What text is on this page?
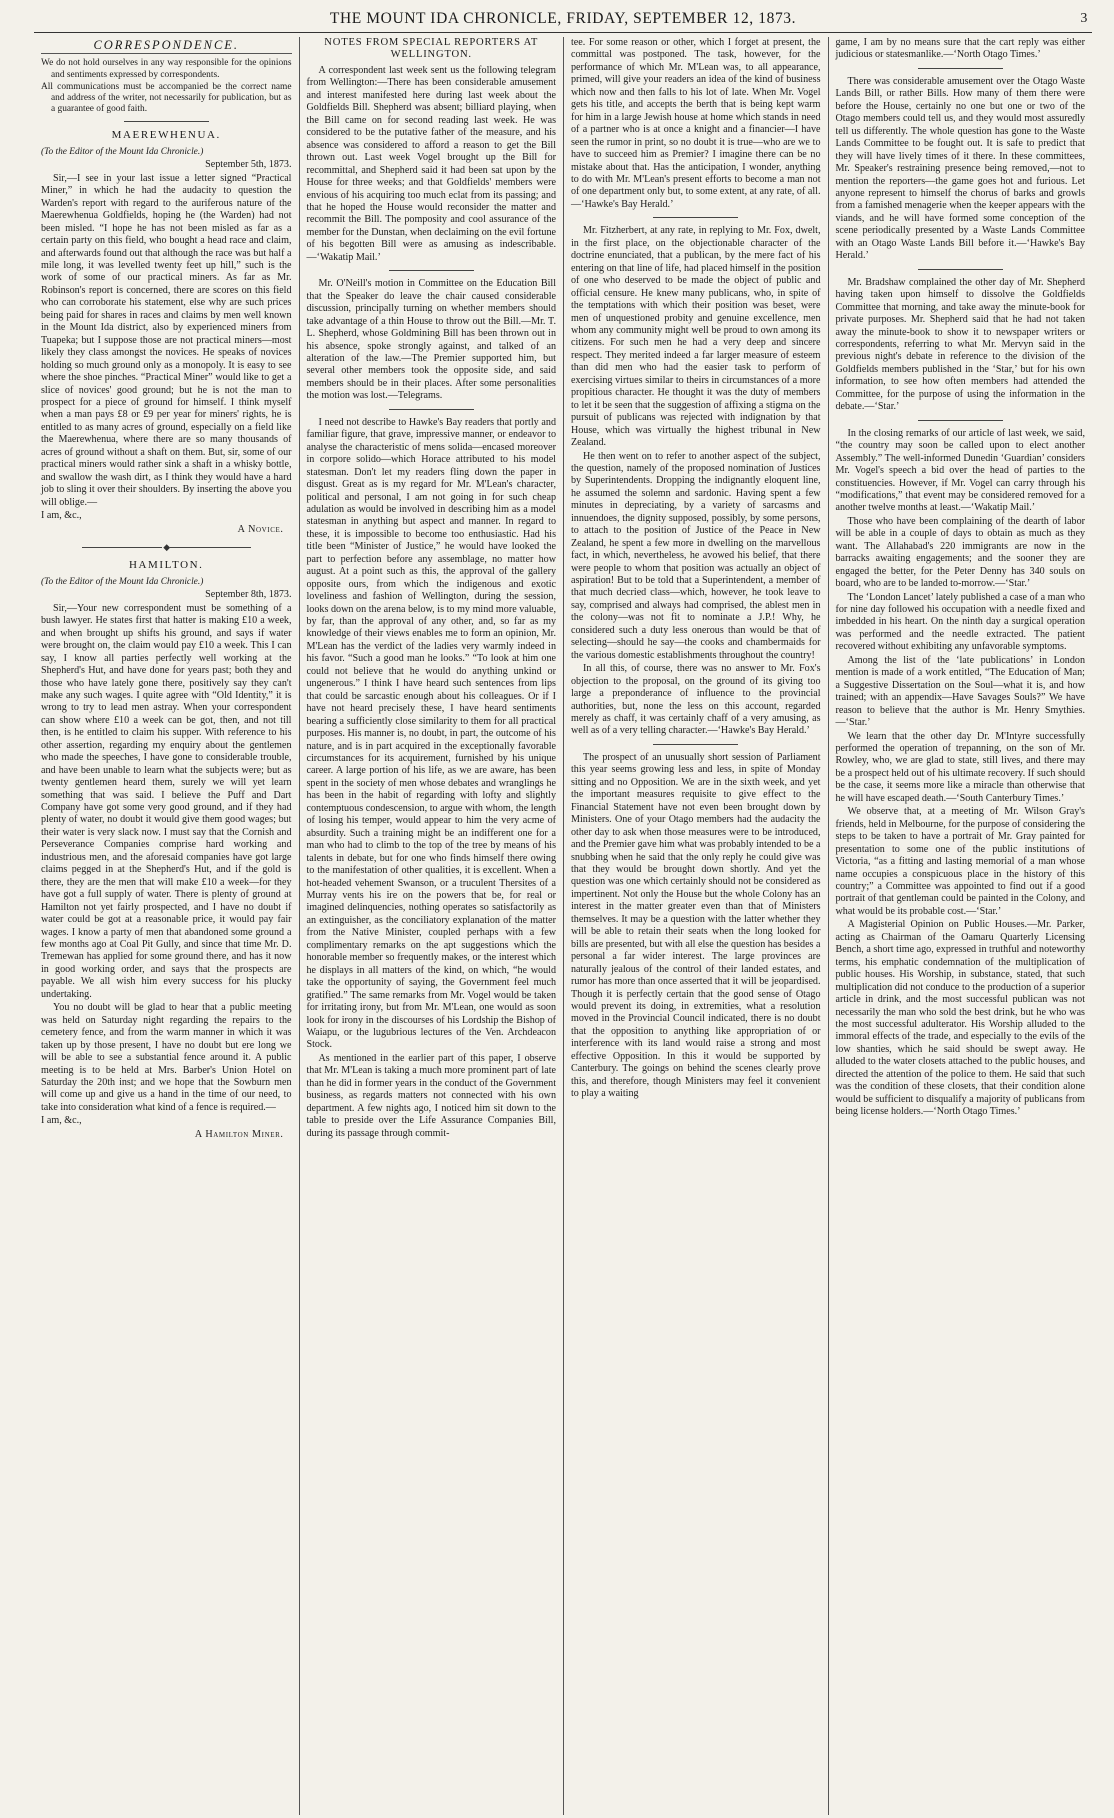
THE MOUNT IDA CHRONICLE, FRIDAY, SEPTEMBER 12, 1873.	3
CORRESPONDENCE.

We do not hold ourselves in any way responsible for the opinions and sentiments expressed by correspondents.

All communications must be accompanied be the correct name and address of the writer, not necessarily for publication, but as a guarantee of good faith.

MAEREWHENUA.

(To the Editor of the Mount Ida Chronicle.)

September 5th, 1873.

Sir,—I see in your last issue a letter signed “Practical Miner,” in which he had the audacity to question the Warden's report with regard to the auriferous nature of the Maerewhenua Goldfields, hoping he (the Warden) had not been misled. “I hope he has not been misled as far as a certain party on this field, who bought a head race and claim, and afterwards found out that although the race was but half a mile long, it was levelled twenty feet up hill,” such is the work of some of our practical miners. As far as Mr. Robinson's report is concerned, there are scores on this field who can corroborate his statement, else why are such prices being paid for shares in races and claims by men well known in the Mount Ida district, also by experienced miners from Tuapeka; but I suppose those are not practical miners—most likely they class amongst the novices. He speaks of novices holding so much ground only as a monopoly. It is easy to see where the shoe pinches. “Practical Miner” would like to get a slice of novices' good ground; but he is not the man to prospect for a piece of ground for himself. I think myself when a man pays £8 or £9 per year for miners' rights, he is entitled to as many acres of ground, especially on a field like the Maerewhenua, where there are so many thousands of acres of ground without a shaft on them. But, sir, some of our practical miners would rather sink a shaft in a whisky bottle, and swallow the wash dirt, as I think they would have a hard job to sling it over their shoulders. By inserting the above you will oblige.—

I am, &c.,

A Novice.

◆
HAMILTON.

(To the Editor of the Mount Ida Chronicle.)

September 8th, 1873.

Sir,—Your new correspondent must be something of a bush lawyer. He states first that hatter is making £10 a week, and when brought up shifts his ground, and says if water were brought on, the claim would pay £10 a week. This I can say, I know all parties perfectly well working at the Shepherd's Hut, and have done for years past; both they and those who have lately gone there, positively say they can't make any such wages. I quite agree with “Old Identity,” it is wrong to try to lead men astray. When your correspondent can show where £10 a week can be got, then, and not till then, is he entitled to claim his supper. With reference to his other assertion, regarding my enquiry about the gentlemen who made the speeches, I have gone to considerable trouble, and have been unable to learn what the subjects were; but as twenty gentlemen heard them, surely we will yet learn something that was said. I believe the Puff and Dart Company have got some very good ground, and if they had plenty of water, no doubt it would give them good wages; but their water is very slack now. I must say that the Cornish and Perseverance Companies comprise hard working and industrious men, and the aforesaid companies have got large claims pegged in at the Shepherd's Hut, and if the gold is there, they are the men that will make £10 a week—for they have got a full supply of water. There is plenty of ground at Hamilton not yet fairly prospected, and I have no doubt if water could be got at a reasonable price, it would pay fair wages. I know a party of men that abandoned some ground a few months ago at Coal Pit Gully, and since that time Mr. D. Tremewan has applied for some ground there, and has it now in good working order, and says that the prospects are payable. We all wish him every success for his plucky undertaking.

You no doubt will be glad to hear that a public meeting was held on Saturday night regarding the repairs to the cemetery fence, and from the warm manner in which it was taken up by those present, I have no doubt but ere long we will be able to see a substantial fence around it. A public meeting is to be held at Mrs. Barber's Union Hotel on Saturday the 20th inst; and we hope that the Sowburn men will come up and give us a hand in the time of our need, to take into consideration what kind of a fence is required.—

I am, &c.,

A Hamilton Miner.

NOTES FROM SPECIAL REPORTERS AT WELLINGTON.

A correspondent last week sent us the following telegram from Wellington:—There has been considerable amusement and interest manifested here during last week about the Goldfields Bill. Shepherd was absent; billiard playing, when the Bill came on for second reading last week. He was considered to be the putative father of the measure, and his absence was considered to afford a reason to get the Bill thrown out. Last week Vogel brought up the Bill for recommittal, and Shepherd said it had been sat upon by the House for three weeks; and that Goldfields' members were envious of his acquiring too much eclat from its passing; and that he hoped the House would reconsider the matter and recommit the Bill. The pomposity and cool assurance of the member for the Dunstan, when declaiming on the evil fortune of his begotten Bill were as amusing as indescribable.—‘Wakatip Mail.’

Mr. O'Neill's motion in Committee on the Education Bill that the Speaker do leave the chair caused considerable discussion, principally turning on whether members should take advantage of a thin House to throw out the Bill.—Mr. T. L. Shepherd, whose Goldmining Bill has been thrown out in his absence, spoke strongly against, and talked of an alteration of the law.—The Premier supported him, but several other members took the opposite side, and said members should be in their places. After some personalities the motion was lost.—Telegrams.

I need not describe to Hawke's Bay readers that portly and familiar figure, that grave, impressive manner, or endeavor to analyse the characteristic of mens solida—encased moreover in corpore solido—which Horace attributed to his model statesman. Don't let my readers fling down the paper in disgust. Great as is my regard for Mr. M'Lean's character, political and personal, I am not going in for such cheap adulation as would be involved in describing him as a model statesman in anything but aspect and manner. In regard to these, it is impossible to become too enthusiastic. Had his title been “Minister of Justice,” he would have looked the part to perfection before any assemblage, no matter how august. At a point such as this, the approval of the gallery opposite ours, from which the indigenous and exotic loveliness and fashion of Wellington, during the session, looks down on the arena below, is to my mind more valuable, by far, than the approval of any other, and, so far as my knowledge of their views enables me to form an opinion, Mr. M'Lean has the verdict of the ladies very warmly indeed in his favor. “Such a good man he looks.” “To look at him one could not believe that he would do anything unkind or ungenerous.” I think I have heard such sentences from lips that could be sarcastic enough about his colleagues. Or if I have not heard precisely these, I have heard sentiments bearing a sufficiently close similarity to them for all practical purposes. His manner is, no doubt, in part, the outcome of his nature, and is in part acquired in the exceptionally favorable circumstances for its acquirement, furnished by his unique career. A large portion of his life, as we are aware, has been spent in the society of men whose debates and wranglings he has been in the habit of regarding with lofty and slightly contemptuous condescension, to argue with whom, the length of losing his temper, would appear to him the very acme of absurdity. Such a training might be an indifferent one for a man who had to climb to the top of the tree by means of his talents in debate, but for one who finds himself there owing to the manifestation of other qualities, it is excellent. When a hot-headed vehement Swanson, or a truculent Thersites of a Murray vents his ire on the powers that be, for real or imagined delinquencies, nothing operates so satisfactorily as an extinguisher, as the conciliatory explanation of the matter from the Native Minister, coupled perhaps with a few complimentary remarks on the apt suggestions which the honorable member so frequently makes, or the interest which he displays in all matters of the kind, on which, “he would take the opportunity of saying, the Government feel much gratified.” The same remarks from Mr. Vogel would be taken for irritating irony, but from Mr. M'Lean, one would as soon look for irony in the discourses of his Lordship the Bishop of Waiapu, or the lugubrious lectures of the Ven. Archdeacon Stock.

As mentioned in the earlier part of this paper, I observe that Mr. M'Lean is taking a much more prominent part of late than he did in former years in the conduct of the Government business, as regards matters not connected with his own department. A few nights ago, I noticed him sit down to the table to preside over the Life Assurance Companies Bill, during its passage through commit-

tee. For some reason or other, which I forget at present, the committal was postponed. The task, however, for the performance of which Mr. M'Lean was, to all appearance, primed, will give your readers an idea of the kind of business which now and then falls to his lot of late. When Mr. Vogel gets his title, and accepts the berth that is being kept warm for him in a large Jewish house at home which stands in need of a partner who is at once a knight and a financier—I have seen the rumor in print, so no doubt it is true—who are we to have to succeed him as Premier? I imagine there can be no mistake about that. Has the anticipation, I wonder, anything to do with Mr. M'Lean's present efforts to become a man not of one department only but, to some extent, at any rate, of all.—‘Hawke's Bay Herald.’

Mr. Fitzherbert, at any rate, in replying to Mr. Fox, dwelt, in the first place, on the objectionable character of the doctrine enunciated, that a publican, by the mere fact of his entering on that line of life, had placed himself in the position of one who deserved to be made the object of public and official censure. He knew many publicans, who, in spite of the temptations with which their position was beset, were men of unquestioned probity and genuine excellence, men whom any community might well be proud to own among its citizens. For such men he had a very deep and sincere respect. They merited indeed a far larger measure of esteem than did men who had the easier task to perform of exercising virtues similar to theirs in circumstances of a more propitious character. He thought it was the duty of members to let it be seen that the suggestion of affixing a stigma on the pursuit of publicans was rejected with indignation by that House, which was virtually the highest tribunal in New Zealand.

He then went on to refer to another aspect of the subject, the question, namely of the proposed nomination of Justices by Superintendents. Dropping the indignantly eloquent line, he assumed the solemn and sardonic. Having spent a few minutes in depreciating, by a variety of sarcasms and innuendoes, the dignity supposed, possibly, by some persons, to attach to the position of Justice of the Peace in New Zealand, he spent a few more in dwelling on the marvellous fact, in which, nevertheless, he avowed his belief, that there were people to whom that position was actually an object of aspiration! But to be told that a Superintendent, a member of that much decried class—which, however, he took leave to say, comprised and always had comprised, the ablest men in the colony—was not fit to nominate a J.P.! Why, he considered such a duty less onerous than would be that of selecting—should he say—the cooks and chambermaids for the various domestic establishments throughout the country!

In all this, of course, there was no answer to Mr. Fox's objection to the proposal, on the ground of its giving too large a preponderance of influence to the provincial authorities, but, none the less on this account, regarded merely as chaff, it was certainly chaff of a very amusing, as well as of a very telling character.—‘Hawke's Bay Herald.’

The prospect of an unusually short session of Parliament this year seems growing less and less, in spite of Monday sitting and no Opposition. We are in the sixth week, and yet the important measures requisite to give effect to the Financial Statement have not even been brought down by Ministers. One of your Otago members had the audacity the other day to ask when those measures were to be introduced, and the Premier gave him what was probably intended to be a snubbing when he said that the only reply he could give was that they would be brought down shortly. And yet the question was one which certainly should not be considered as impertinent. Not only the House but the whole Colony has an interest in the matter greater even than that of Ministers themselves. It may be a question with the latter whether they will be able to retain their seats when the long looked for bills are presented, but with all else the question has besides a personal a far wider interest. The large provinces are naturally jealous of the control of their landed estates, and rumor has more than once asserted that it will be jeopardised. Though it is perfectly certain that the good sense of Otago would prevent its doing, in extremities, what a resolution moved in the Provincial Council indicated, there is no doubt that the opposition to anything like appropriation of or interference with its land would raise a strong and most effective Opposition. In this it would be supported by Canterbury. The goings on behind the scenes clearly prove this, and therefore, though Ministers may feel it convenient to play a waiting

game, I am by no means sure that the cart reply was either judicious or statesmanlike.—‘North Otago Times.’

There was considerable amusement over the Otago Waste Lands Bill, or rather Bills. How many of them there were before the House, certainly no one but one or two of the Otago members could tell us, and they would most assuredly tell us differently. The whole question has gone to the Waste Lands Committee to be fought out. It is safe to predict that they will have lively times of it there. In these committees, Mr. Speaker's restraining presence being removed,—not to mention the reporters—the game goes hot and furious. Let anyone represent to himself the chorus of barks and growls from a famished menagerie when the keeper appears with the viands, and he will have formed some conception of the scene periodically presented by a Waste Lands Committee with an Otago Waste Lands Bill before it.—‘Hawke's Bay Herald.’

Mr. Bradshaw complained the other day of Mr. Shepherd having taken upon himself to dissolve the Goldfields Committee that morning, and take away the minute-book for private purposes. Mr. Shepherd said that he had not taken away the minute-book to show it to newspaper writers or correspondents, referring to what Mr. Mervyn said in the previous night's debate in reference to the division of the Goldfields members published in the ‘Star,’ but for his own information, to see how often members had attended the Committee, for the purpose of using the information in the debate.—‘Star.’

In the closing remarks of our article of last week, we said, “the country may soon be called upon to elect another Assembly.” The well-informed Dunedin ‘Guardian’ considers Mr. Vogel's speech a bid over the head of parties to the constituencies. However, if Mr. Vogel can carry through his “modifications,” that event may be considered removed for a another twelve months at least.—‘Wakatip Mail.’

Those who have been complaining of the dearth of labor will be able in a couple of days to obtain as much as they want. The Allahabad's 220 immigrants are now in the barracks awaiting engagements; and the sooner they are engaged the better, for the Peter Denny has 340 souls on board, who are to be landed to-morrow.—‘Star.’

The ‘London Lancet’ lately published a case of a man who for nine day followed his occupation with a needle fixed and imbedded in his heart. On the ninth day a surgical operation was performed and the needle extracted. The patient recovered without exhibiting any unfavorable symptoms.

Among the list of the ‘late publications’ in London mention is made of a work entitled, “The Education of Man; a Suggestive Dissertation on the Soul—what it is, and how trained; with an appendix—Have Savages Souls?” We have reason to believe that the author is Mr. Henry Smythies.—‘Star.’

We learn that the other day Dr. M'Intyre successfully performed the operation of trepanning, on the son of Mr. Rowley, who, we are glad to state, still lives, and there may be a prospect held out of his ultimate recovery. If such should be the case, it seems more like a miracle than otherwise that he will have escaped death.—‘South Canterbury Times.’

We observe that, at a meeting of Mr. Wilson Gray's friends, held in Melbourne, for the purpose of considering the steps to be taken to have a portrait of Mr. Gray painted for presentation to some one of the public institutions of Victoria, “as a fitting and lasting memorial of a man whose name occupies a conspicuous place in the history of this country;” a Committee was appointed to find out if a good portrait of that gentleman could be painted in the Colony, and what would be its probable cost.—‘Star.’

A Magisterial Opinion on Public Houses.—Mr. Parker, acting as Chairman of the Oamaru Quarterly Licensing Bench, a short time ago, expressed in truthful and noteworthy terms, his emphatic condemnation of the multiplication of public houses. His Worship, in substance, stated, that such multiplication did not conduce to the production of a superior article in drink, and the most successful publican was not necessarily the man who sold the best drink, but he who was the most successful adulterator. His Worship alluded to the immoral effects of the trade, and especially to the evils of the low shanties, which he said should be swept away. He alluded to the water closets attached to the public houses, and directed the attention of the police to them. He said that such was the condition of these closets, that their condition alone would be sufficient to disqualify a majority of publicans from being license holders.—‘North Otago Times.’
